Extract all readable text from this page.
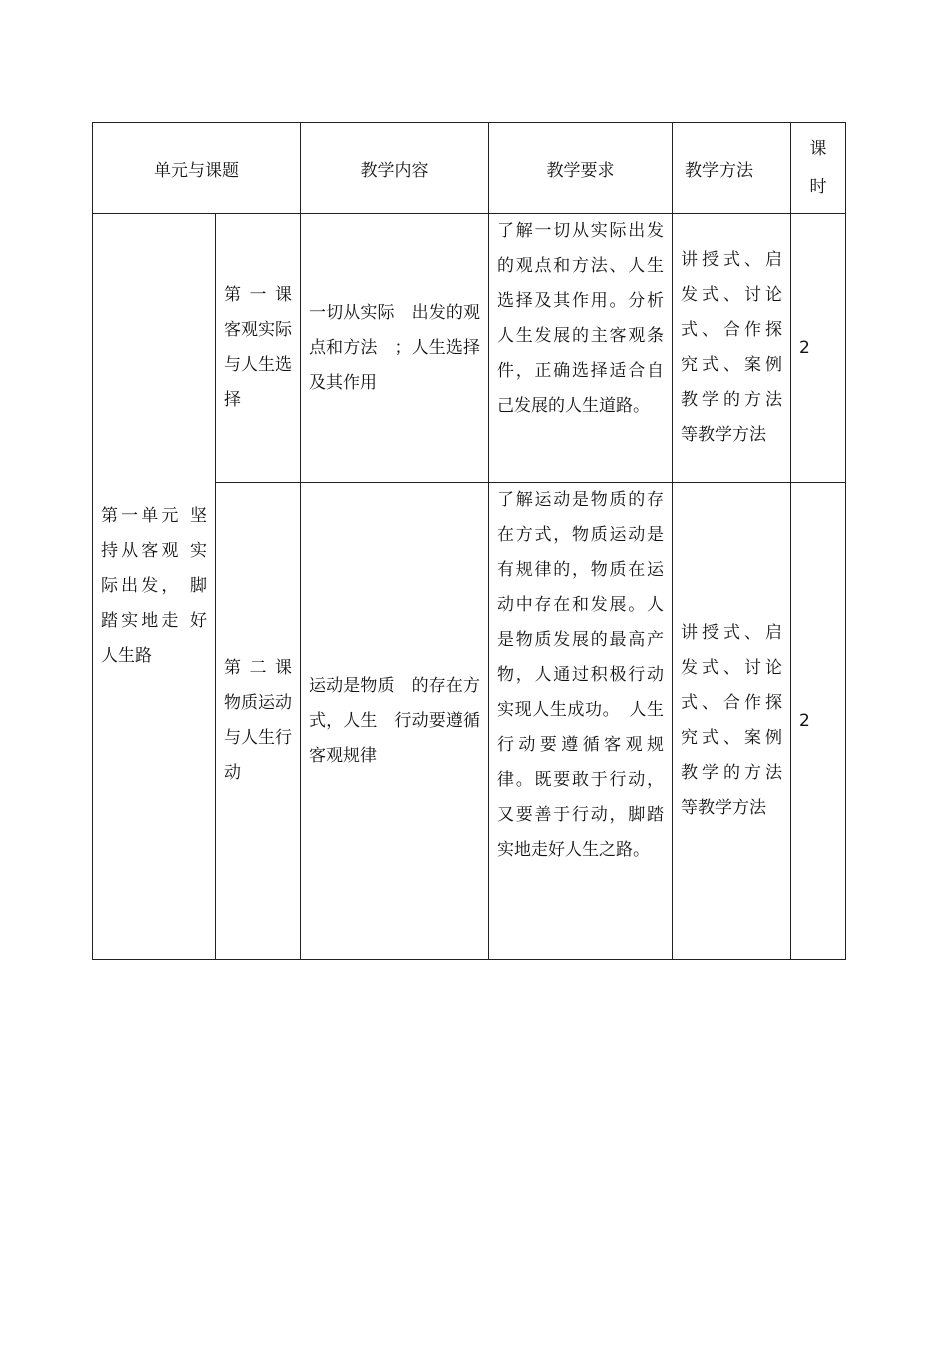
单元与课题		教学内容	教学要求	教学方法	课
时

第一单元 坚持从客观 实际出发， 脚踏实地走 好人生路	第一课 客观实际与人生选择	一切从实际　出发的观点和方法　；人生选择及其作用	了解一切从实际出发的观点和方法、人生选择及其作用。分析人生发展的主客观条件，正确选择适合自己发展的人生道路。	讲授式、启发式、讨论式、合作探究式、案例教学的方法等教学方法	2
	第二课 物质运动与人生行动	运动是物质　的存在方式，人生　行动要遵循客观规律	了解运动是物质的存在方式，物质运动是有规律的，物质在运动中存在和发展。人是物质发展的最高产物，人通过积极行动实现人生成功。　人生行动要遵循客观规律。既要敢于行动，又要善于行动，脚踏实地走好人生之路。	讲授式、启发式、讨论式、合作探究式、案例教学的方法等教学方法	2
